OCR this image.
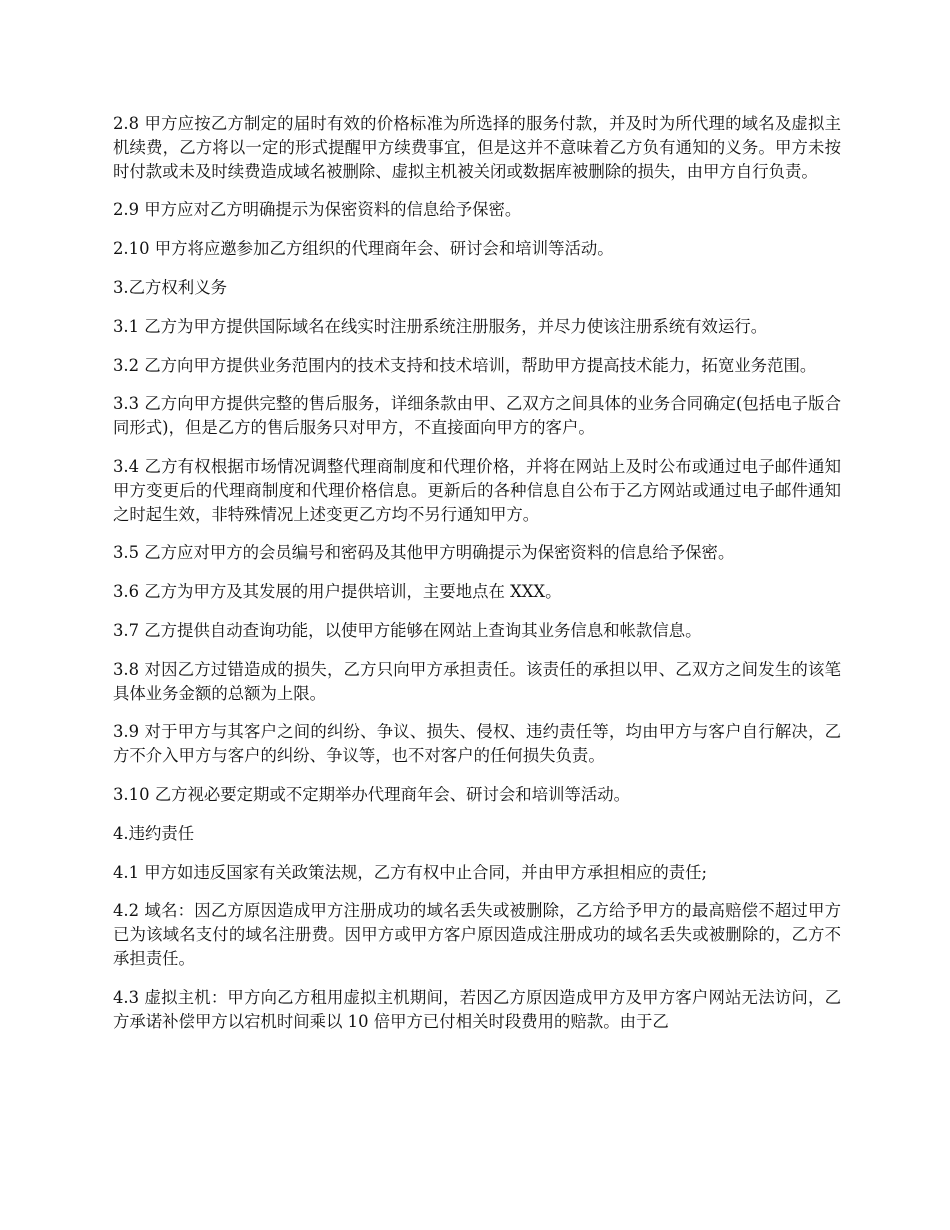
2.8 甲方应按乙方制定的届时有效的价格标准为所选择的服务付款，并及时为所代理的域名及虚拟主机续费，乙方将以一定的形式提醒甲方续费事宜，但是这并不意味着乙方负有通知的义务。甲方未按时付款或未及时续费造成域名被删除、虚拟主机被关闭或数据库被删除的损失，由甲方自行负责。

2.9 甲方应对乙方明确提示为保密资料的信息给予保密。

2.10 甲方将应邀参加乙方组织的代理商年会、研讨会和培训等活动。

3.乙方权利义务

3.1 乙方为甲方提供国际域名在线实时注册系统注册服务，并尽力使该注册系统有效运行。

3.2 乙方向甲方提供业务范围内的技术支持和技术培训，帮助甲方提高技术能力，拓宽业务范围。

3.3 乙方向甲方提供完整的售后服务，详细条款由甲、乙双方之间具体的业务合同确定(包括电子版合同形式)，但是乙方的售后服务只对甲方，不直接面向甲方的客户。

3.4 乙方有权根据市场情况调整代理商制度和代理价格，并将在网站上及时公布或通过电子邮件通知甲方变更后的代理商制度和代理价格信息。更新后的各种信息自公布于乙方网站或通过电子邮件通知之时起生效，非特殊情况上述变更乙方均不另行通知甲方。

3.5 乙方应对甲方的会员编号和密码及其他甲方明确提示为保密资料的信息给予保密。

3.6 乙方为甲方及其发展的用户提供培训，主要地点在 XXX。

3.7 乙方提供自动查询功能，以使甲方能够在网站上查询其业务信息和帐款信息。

3.8 对因乙方过错造成的损失，乙方只向甲方承担责任。该责任的承担以甲、乙双方之间发生的该笔具体业务金额的总额为上限。

3.9 对于甲方与其客户之间的纠纷、争议、损失、侵权、违约责任等，均由甲方与客户自行解决，乙方不介入甲方与客户的纠纷、争议等，也不对客户的任何损失负责。

3.10 乙方视必要定期或不定期举办代理商年会、研讨会和培训等活动。

4.违约责任

4.1 甲方如违反国家有关政策法规，乙方有权中止合同，并由甲方承担相应的责任;

4.2 域名：因乙方原因造成甲方注册成功的域名丢失或被删除，乙方给予甲方的最高赔偿不超过甲方已为该域名支付的域名注册费。因甲方或甲方客户原因造成注册成功的域名丢失或被删除的，乙方不承担责任。

4.3 虚拟主机：甲方向乙方租用虚拟主机期间，若因乙方原因造成甲方及甲方客户网站无法访问，乙方承诺补偿甲方以宕机时间乘以 10 倍甲方已付相关时段费用的赔款。由于乙
